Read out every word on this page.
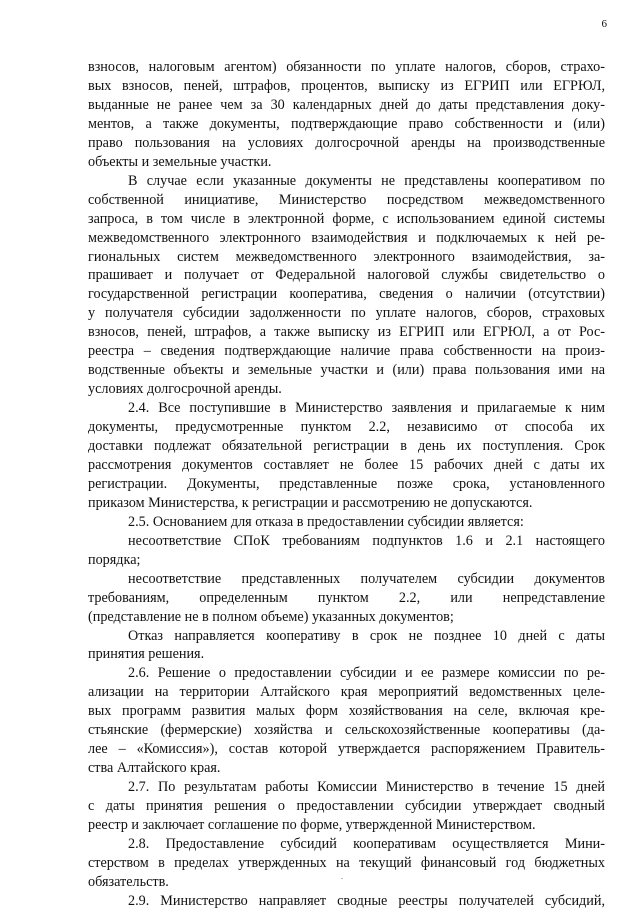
6
взносов, налоговым агентом) обязанности по уплате налогов, сборов, страхо-
вых взносов, пеней, штрафов, процентов, выписку из ЕГРИП или ЕГРЮЛ,
выданные не ранее чем за 30 календарных дней до даты представления доку-
ментов, а также документы, подтверждающие право собственности и (или)
право пользования на условиях долгосрочной аренды на производственные
объекты и земельные участки.
В случае если указанные документы не представлены кооперативом по
собственной инициативе, Министерство посредством межведомственного
запроса, в том числе в электронной форме, с использованием единой системы
межведомственного электронного взаимодействия и подключаемых к ней ре-
гиональных систем межведомственного электронного взаимодействия, за-
прашивает и получает от Федеральной налоговой службы свидетельство о
государственной регистрации кооператива, сведения о наличии (отсутствии)
у получателя субсидии задолженности по уплате налогов, сборов, страховых
взносов, пеней, штрафов, а также выписку из ЕГРИП или ЕГРЮЛ, а от Рос-
реестра – сведения подтверждающие наличие права собственности на произ-
водственные объекты и земельные участки и (или) права пользования ими на
условиях долгосрочной аренды.
2.4. Все поступившие в Министерство заявления и прилагаемые к ним
документы, предусмотренные пунктом 2.2, независимо от способа их
доставки подлежат обязательной регистрации в день их поступления. Срок
рассмотрения документов составляет не более 15 рабочих дней с даты их
регистрации. Документы, представленные позже срока, установленного
приказом Министерства, к регистрации и рассмотрению не допускаются.
2.5. Основанием для отказа в предоставлении субсидии является:
несоответствие СПоК требованиям подпунктов 1.6 и 2.1 настоящего
порядка;
несоответствие представленных получателем субсидии документов
требованиям, определенным пунктом 2.2, или непредставление
(представление не в полном объеме) указанных документов;
Отказ направляется кооперативу в срок не позднее 10 дней с даты
принятия решения.
2.6. Решение о предоставлении субсидии и ее размере комиссии по ре-
ализации на территории Алтайского края мероприятий ведомственных целе-
вых программ развития малых форм хозяйствования на селе, включая кре-
стьянские (фермерские) хозяйства и сельскохозяйственные кооперативы (да-
лее – «Комиссия»), состав которой утверждается распоряжением Правитель-
ства Алтайского края.
2.7. По результатам работы Комиссии Министерство в течение 15 дней
с даты принятия решения о предоставлении субсидии утверждает сводный
реестр и заключает соглашение по форме, утвержденной Министерством.
2.8. Предоставление субсидий кооперативам осуществляется Мини-
стерством в пределах утвержденных на текущий финансовый год бюджетных
обязательств.
2.9. Министерство направляет сводные реестры получателей субсидий,
